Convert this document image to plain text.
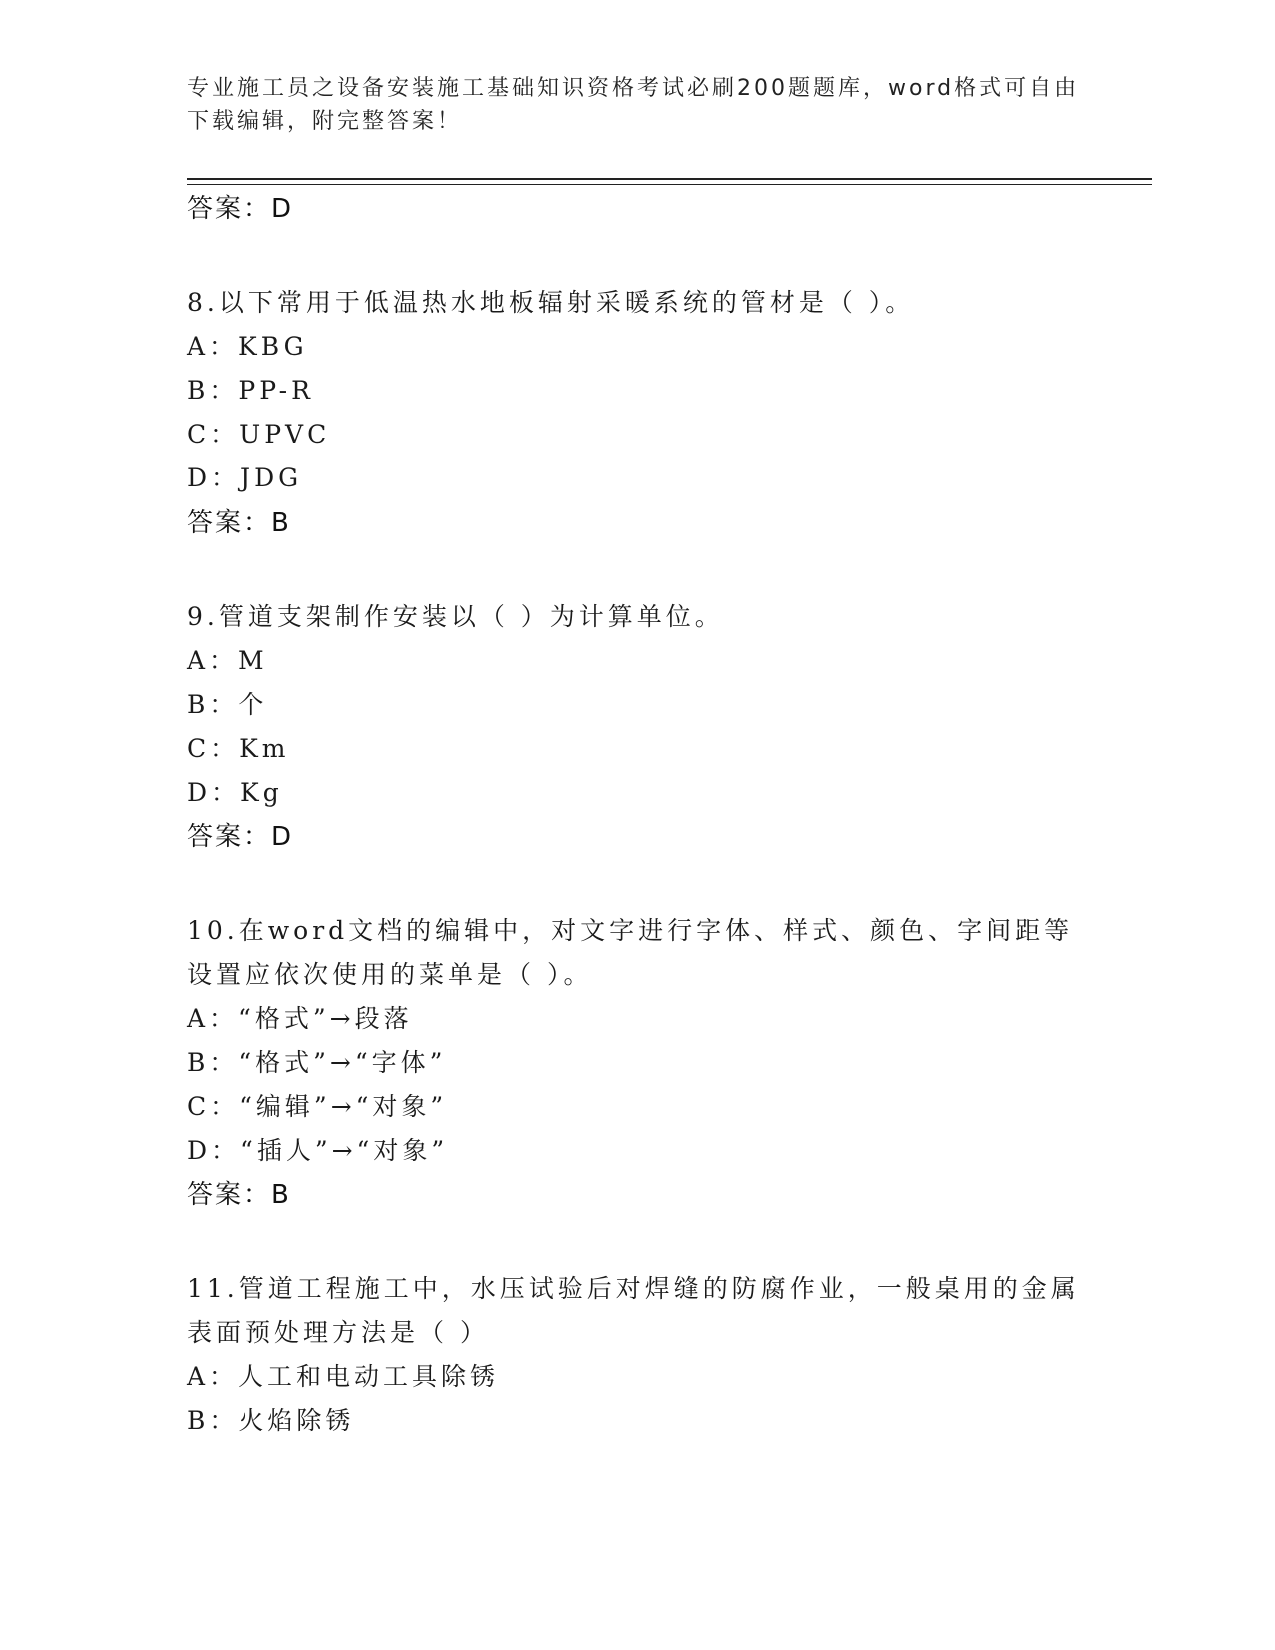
专业施工员之设备安装施工基础知识资格考试必刷200题题库，word格式可自由
下载编辑，附完整答案！
答案：D
8.以下常用于低温热水地板辐射采暖系统的管材是（ ）。
A：KBG
B：PP-R
C：UPVC
D：JDG
答案：B
9.管道支架制作安装以（ ）为计算单位。
A：M
B：个
C：Km
D：Kg
答案：D
10.在word文档的编辑中，对文字进行字体、样式、颜色、字间距等
设置应依次使用的菜单是（ ）。
A：“格式”→段落
B：“格式”→“字体”
C：“编辑”→“对象”
D：“插人”→“对象”
答案：B
11.管道工程施工中，水压试验后对焊缝的防腐作业，一般桌用的金属
表面预处理方法是（ ）
A：人工和电动工具除锈
B：火焰除锈
